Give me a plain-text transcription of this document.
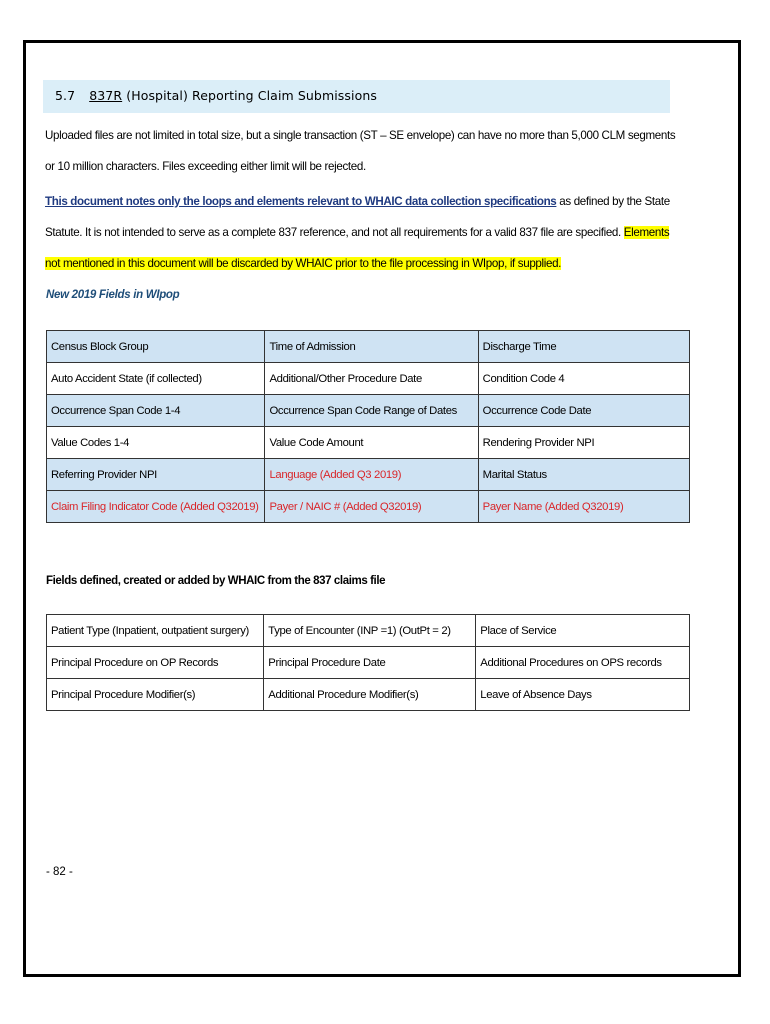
5.7 837R (Hospital) Reporting Claim Submissions
Uploaded files are not limited in total size, but a single transaction (ST – SE envelope) can have no more than 5,000 CLM segments or 10 million characters. Files exceeding either limit will be rejected.
This document notes only the loops and elements relevant to WHAIC data collection specifications as defined by the State Statute. It is not intended to serve as a complete 837 reference, and not all requirements for a valid 837 file are specified. Elements not mentioned in this document will be discarded by WHAIC prior to the file processing in WIpop, if supplied.
New 2019 Fields in WIpop
Census Block Group	Time of Admission	Discharge Time
Auto Accident State (if collected)	Additional/Other Procedure Date	Condition Code 4
Occurrence Span Code 1-4	Occurrence Span Code Range of Dates	Occurrence Code Date
Value Codes 1-4	Value Code Amount	Rendering Provider NPI
Referring Provider NPI	Language (Added Q3 2019)	Marital Status
Claim Filing Indicator Code (Added Q32019)	Payer / NAIC # (Added Q32019)	Payer Name (Added Q32019)
Fields defined, created or added by WHAIC from the 837 claims file
Patient Type (Inpatient, outpatient surgery)	Type of Encounter (INP =1) (OutPt = 2)	Place of Service
Principal Procedure on OP Records	Principal Procedure Date	Additional Procedures on OPS records
Principal Procedure Modifier(s)	Additional Procedure Modifier(s)	Leave of Absence Days
- 82 -
